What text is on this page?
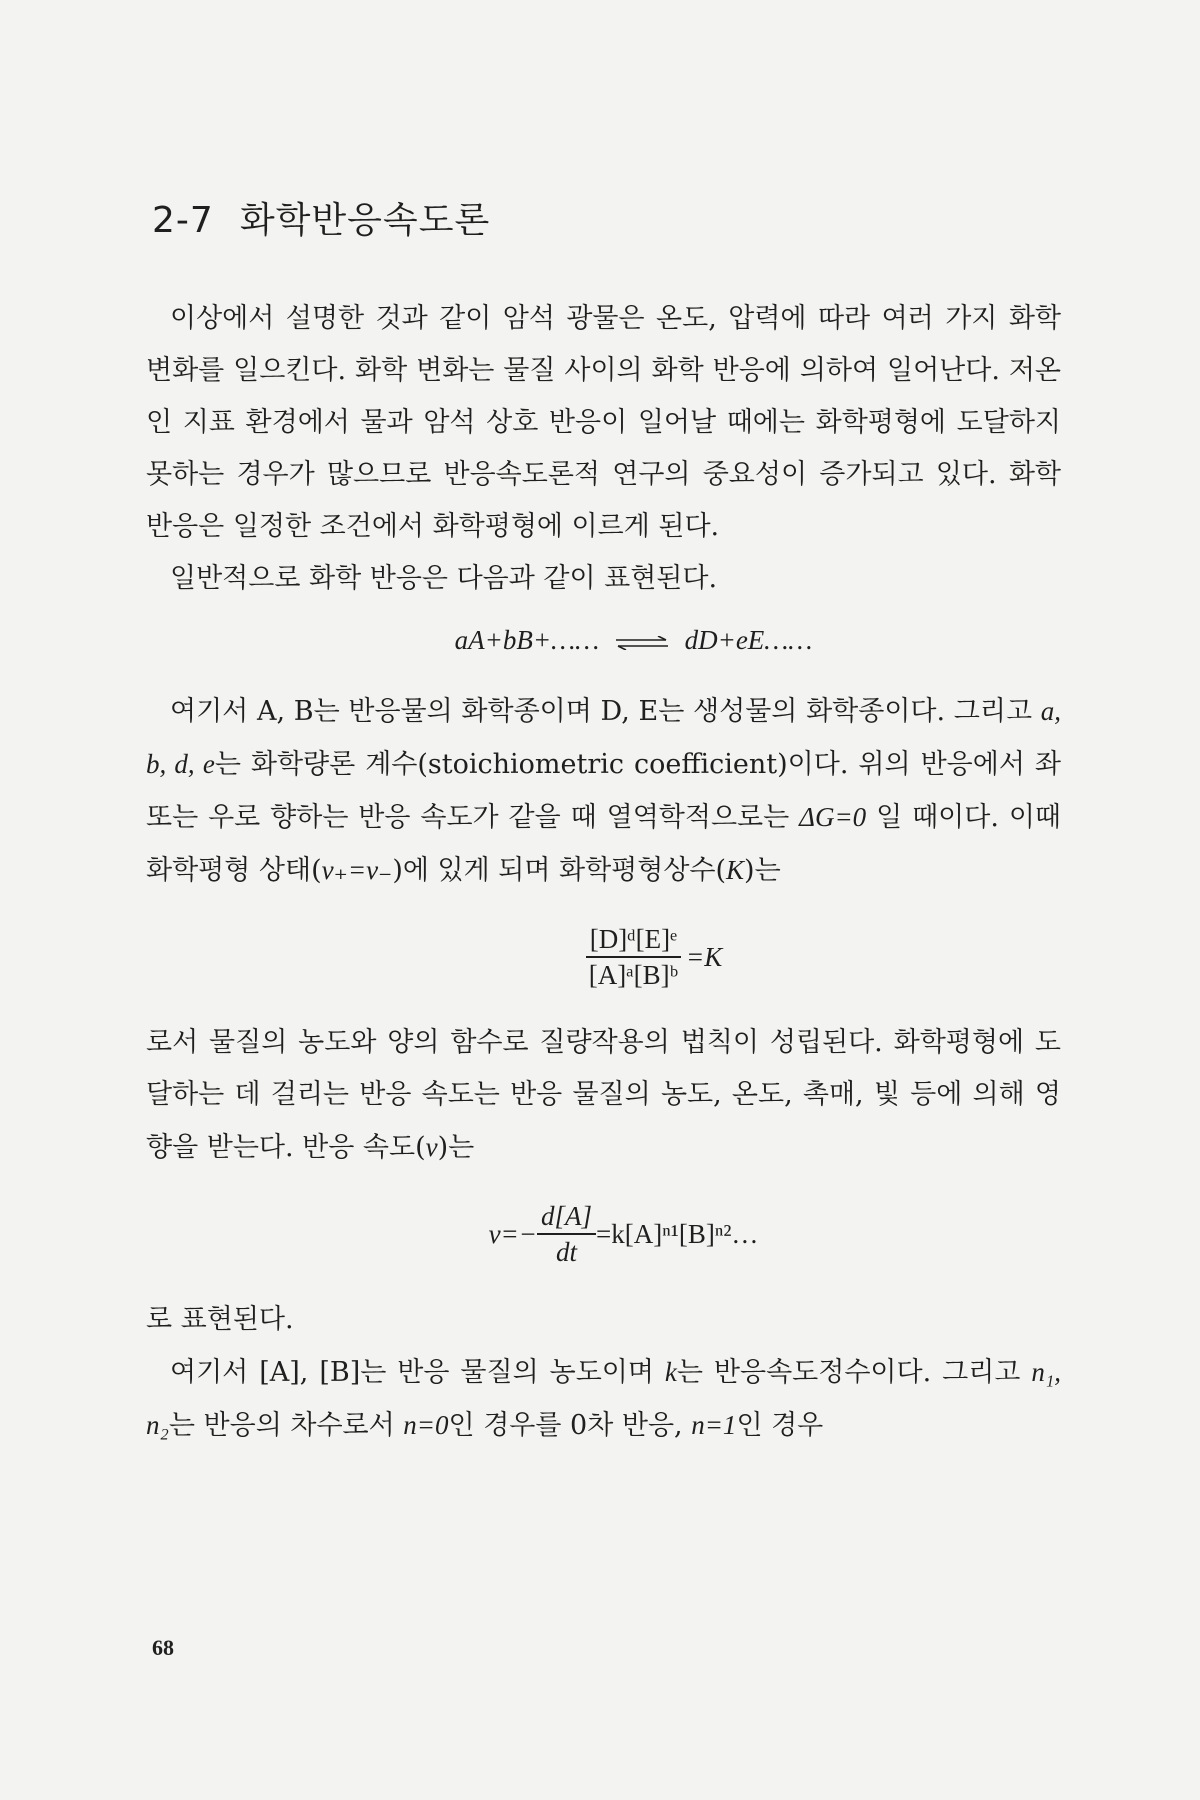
2-7 화학반응속도론

이상에서 설명한 것과 같이 암석 광물은 온도, 압력에 따라 여러 가지 화학 변화를 일으킨다. 화학 변화는 물질 사이의 화학 반응에 의하여 일어난다. 저온인 지표 환경에서 물과 암석 상호 반응이 일어날 때에는 화학평형에 도달하지 못하는 경우가 많으므로 반응속도론적 연구의 중요성이 증가되고 있다. 화학 반응은 일정한 조건에서 화학평형에 이르게 된다.

일반적으로 화학 반응은 다음과 같이 표현된다.

aA+bB+…… ⇌ dD+eE……

여기서 A, B는 반응물의 화학종이며 D, E는 생성물의 화학종이다. 그리고 a, b, d, e는 화학량론 계수(stoichiometric coefficient)이다. 위의 반응에서 좌 또는 우로 향하는 반응 속도가 같을 때 열역학적으로는 ΔG=0 일 때이다. 이때 화학평형 상태(v₊=v₋)에 있게 되며 화학평형상수(K)는

$\frac{\text{[D]ᵈ[E]ᵉ}}{\text{[A]ᵃ[B]ᵇ}} =K$

로서 물질의 농도와 양의 함수로 질량작용의 법칙이 성립된다. 화학평형에 도달하는 데 걸리는 반응 속도는 반응 물질의 농도, 온도, 촉매, 빛 등에 의해 영향을 받는다. 반응 속도(v)는

$v=- \frac{d[A]}{dt}$ =k[A]ⁿ¹[B]ⁿ²…

로 표현된다.

여기서 [A], [B]는 반응 물질의 농도이며 k는 반응속도정수이다. 그리고 n₁, n₂는 반응의 차수로서 n=0인 경우를 0차 반응, n=1인 경우

68
